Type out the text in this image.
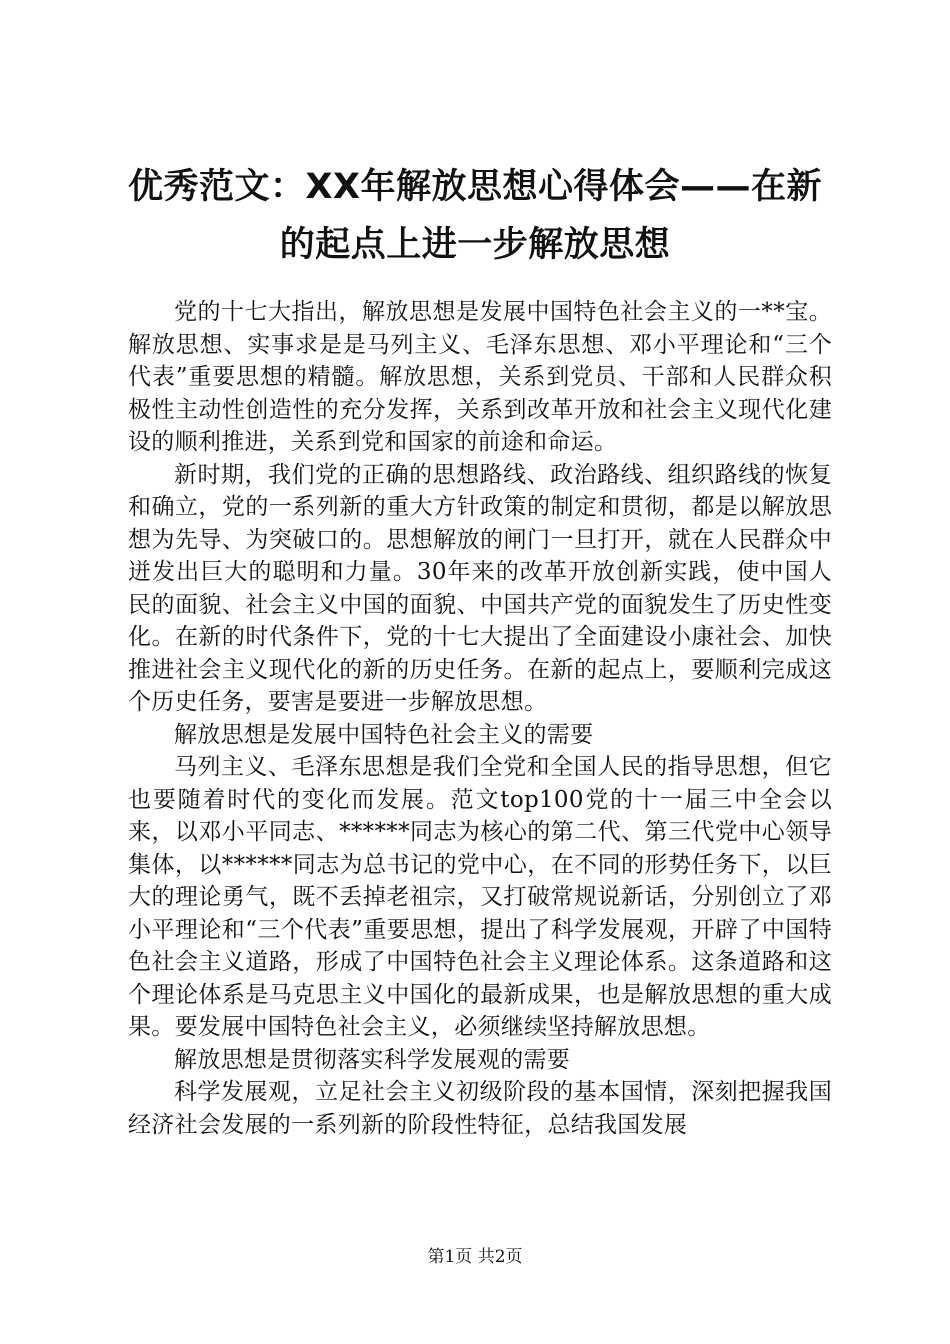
优秀范文：XX年解放思想心得体会——在新的起点上进一步解放思想

党的十七大指出，解放思想是发展中国特色社会主义的一**宝。解放思想、实事求是是马列主义、毛泽东思想、邓小平理论和“三个代表”重要思想的精髓。解放思想，关系到党员、干部和人民群众积极性主动性创造性的充分发挥，关系到改革开放和社会主义现代化建设的顺利推进，关系到党和国家的前途和命运。

新时期，我们党的正确的思想路线、政治路线、组织路线的恢复和确立，党的一系列新的重大方针政策的制定和贯彻，都是以解放思想为先导、为突破口的。思想解放的闸门一旦打开，就在人民群众中迸发出巨大的聪明和力量。30年来的改革开放创新实践，使中国人民的面貌、社会主义中国的面貌、中国共产党的面貌发生了历史性变化。在新的时代条件下，党的十七大提出了全面建设小康社会、加快推进社会主义现代化的新的历史任务。在新的起点上，要顺利完成这个历史任务，要害是要进一步解放思想。

解放思想是发展中国特色社会主义的需要

马列主义、毛泽东思想是我们全党和全国人民的指导思想，但它也要随着时代的变化而发展。范文top100党的十一届三中全会以来，以邓小平同志、******同志为核心的第二代、第三代党中心领导集体，以******同志为总书记的党中心，在不同的形势任务下，以巨大的理论勇气，既不丢掉老祖宗，又打破常规说新话，分别创立了邓小平理论和“三个代表”重要思想，提出了科学发展观，开辟了中国特色社会主义道路，形成了中国特色社会主义理论体系。这条道路和这个理论体系是马克思主义中国化的最新成果，也是解放思想的重大成果。要发展中国特色社会主义，必须继续坚持解放思想。

解放思想是贯彻落实科学发展观的需要

科学发展观，立足社会主义初级阶段的基本国情，深刻把握我国经济社会发展的一系列新的阶段性特征，总结我国发展

第1页 共2页
